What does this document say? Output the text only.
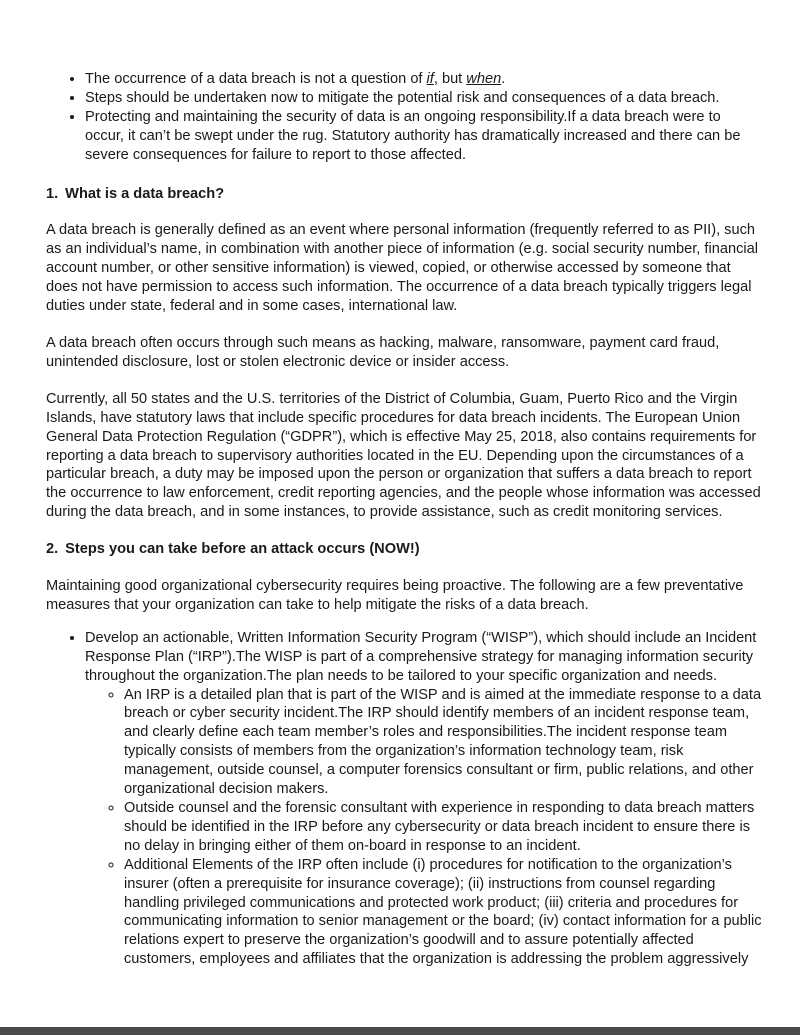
• The occurrence of a data breach is not a question of if, but when.
• Steps should be undertaken now to mitigate the potential risk and consequences of a data breach.
• Protecting and maintaining the security of data is an ongoing responsibility.If a data breach were to occur, it can’t be swept under the rug. Statutory authority has dramatically increased and there can be severe consequences for failure to report to those affected.
1. What is a data breach?

A data breach is generally defined as an event where personal information (frequently referred to as PII), such as an individual’s name, in combination with another piece of information (e.g. social security number, financial account number, or other sensitive information) is viewed, copied, or otherwise accessed by someone that does not have permission to access such information. The occurrence of a data breach typically triggers legal duties under state, federal and in some cases, international law.

A data breach often occurs through such means as hacking, malware, ransomware, payment card fraud, unintended disclosure, lost or stolen electronic device or insider access.

Currently, all 50 states and the U.S. territories of the District of Columbia, Guam, Puerto Rico and the Virgin Islands, have statutory laws that include specific procedures for data breach incidents. The European Union General Data Protection Regulation (“GDPR”), which is effective May 25, 2018, also contains requirements for reporting a data breach to supervisory authorities located in the EU. Depending upon the circumstances of a particular breach, a duty may be imposed upon the person or organization that suffers a data breach to report the occurrence to law enforcement, credit reporting agencies, and the people whose information was accessed during the data breach, and in some instances, to provide assistance, such as credit monitoring services.

2. Steps you can take before an attack occurs (NOW!)

Maintaining good organizational cybersecurity requires being proactive. The following are a few preventative measures that your organization can take to help mitigate the risks of a data breach.

• Develop an actionable, Written Information Security Program (“WISP”), which should include an Incident Response Plan (“IRP”).The WISP is part of a comprehensive strategy for managing information security throughout the organization.The plan needs to be tailored to your specific organization and needs.
◦ An IRP is a detailed plan that is part of the WISP and is aimed at the immediate response to a data breach or cyber security incident.The IRP should identify members of an incident response team, and clearly define each team member’s roles and responsibilities.The incident response team typically consists of members from the organization’s information technology team, risk management, outside counsel, a computer forensics consultant or firm, public relations, and other organizational decision makers.
◦ Outside counsel and the forensic consultant with experience in responding to data breach matters should be identified in the IRP before any cybersecurity or data breach incident to ensure there is no delay in bringing either of them on-board in response to an incident.
◦ Additional Elements of the IRP often include (i) procedures for notification to the organization’s insurer (often a prerequisite for insurance coverage); (ii) instructions from counsel regarding handling privileged communications and protected work product; (iii) criteria and procedures for communicating information to senior management or the board; (iv) contact information for a public relations expert to preserve the organization’s goodwill and to assure potentially affected customers, employees and affiliates that the organization is addressing the problem aggressively
